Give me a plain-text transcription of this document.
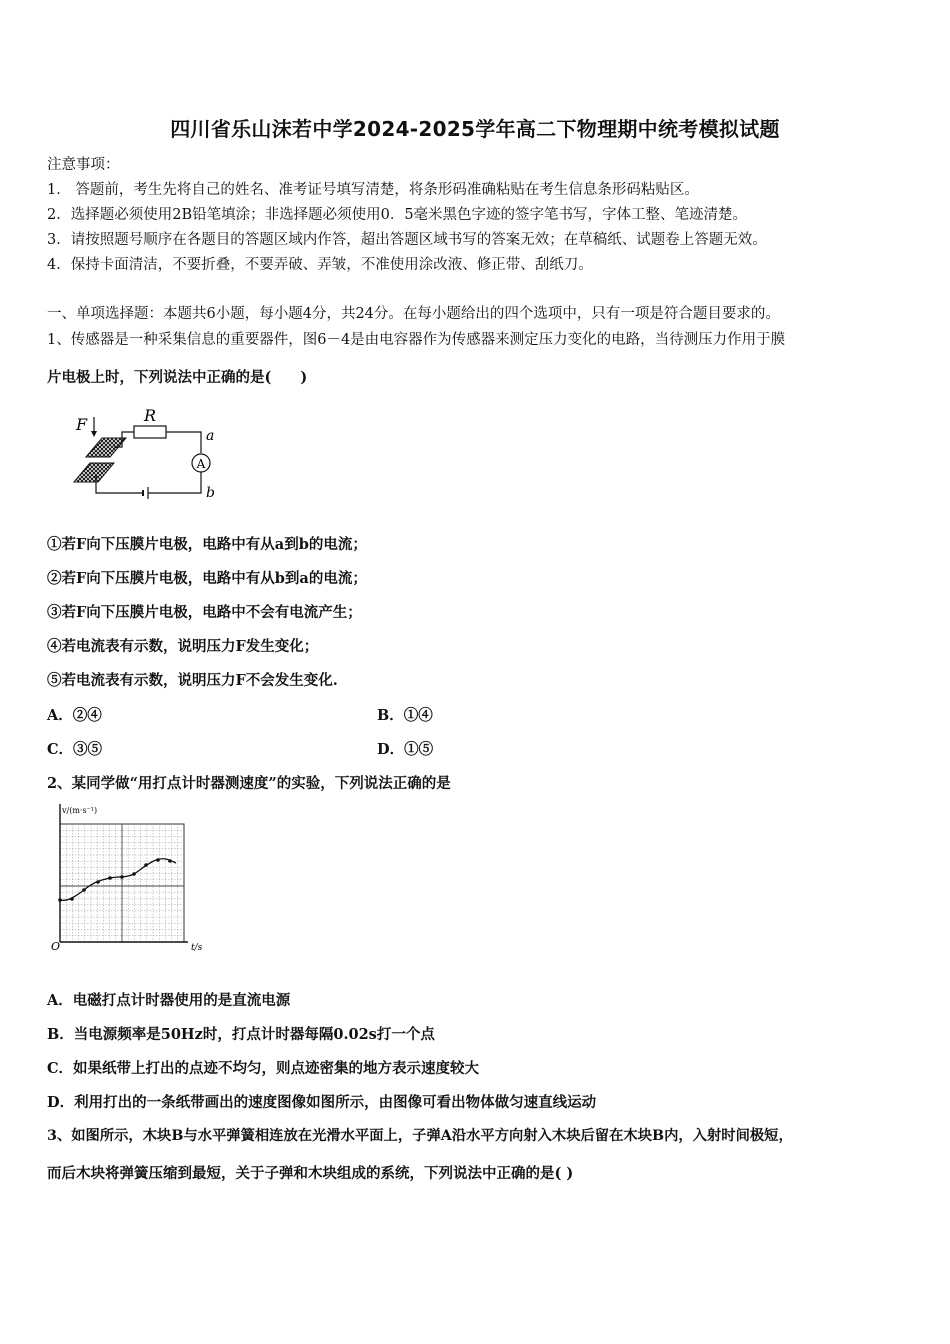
四川省乐山沫若中学2024-2025学年高二下物理期中统考模拟试题
注意事项：
1． 答题前，考生先将自己的姓名、准考证号填写清楚，将条形码准确粘贴在考生信息条形码粘贴区。
2．选择题必须使用2B铅笔填涂；非选择题必须使用0．5毫米黑色字迹的签字笔书写，字体工整、笔迹清楚。
3．请按照题号顺序在各题目的答题区域内作答，超出答题区域书写的答案无效；在草稿纸、试题卷上答题无效。
4．保持卡面清洁，不要折叠，不要弄破、弄皱，不准使用涂改液、修正带、刮纸刀。
一、单项选择题：本题共6小题，每小题4分，共24分。在每小题给出的四个选项中，只有一项是符合题目要求的。
1、传感器是一种采集信息的重要器件，图6－4是由电容器作为传感器来测定压力变化的电路，当待测压力作用于膜
片电极上时，下列说法中正确的是(　　)
F	R
A
a
b
①若F向下压膜片电极，电路中有从a到b的电流；
②若F向下压膜片电极，电路中有从b到a的电流；
③若F向下压膜片电极，电路中不会有电流产生；
④若电流表有示数，说明压力F发生变化；
⑤若电流表有示数，说明压力F不会发生变化.
A．②④	B．①④
C．③⑤	D．①⑤
2、某同学做“用打点计时器测速度”的实验，下列说法正确的是
v/(m·s⁻¹)
t/s
O
A．电磁打点计时器使用的是直流电源
B．当电源频率是50Hz时，打点计时器每隔0.02s打一个点
C．如果纸带上打出的点迹不均匀，则点迹密集的地方表示速度较大
D．利用打出的一条纸带画出的速度图像如图所示，由图像可看出物体做匀速直线运动
3、如图所示，木块B与水平弹簧相连放在光滑水平面上，子弹A沿水平方向射入木块后留在木块B内，入射时间极短，
而后木块将弹簧压缩到最短，关于子弹和木块组成的系统，下列说法中正确的是( )
